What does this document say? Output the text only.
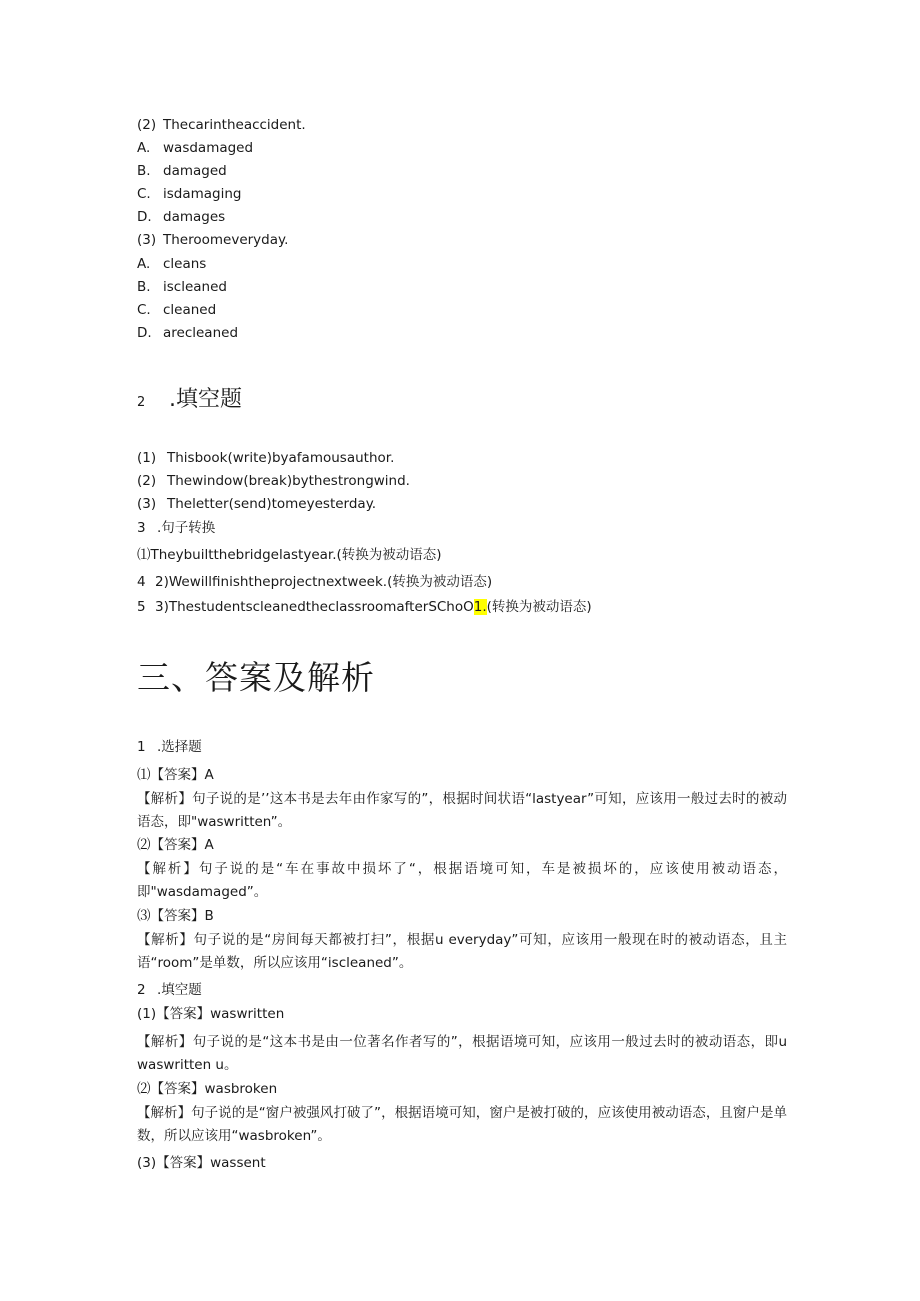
(2) Thecarintheaccident.
A. wasdamaged
B. damaged
C. isdamaging
D. damages
(3) Theroomeveryday.
A. cleans
B. iscleaned
C. cleaned
D. arecleaned
2 .填空题
(1) Thisbook(write)byafamousauthor.
(2) Thewindow(break)bythestrongwind.
(3) Theletter(send)tomeyesterday.
3 .句子转换
⑴Theybuiltthebridgelastyear.(转换为被动语态)
4 2)Wewillfinishtheprojectnextweek.(转换为被动语态)
5 3)ThestudentscleanedtheclassroomafterSChoO1.(转换为被动语态)
三、答案及解析
1 .选择题
⑴【答案】A
【解析】句子说的是’’这本书是去年由作家写的”，根据时间状语“lastyear”可知，应该用一般过去时的被动语态，即"waswritten”。
⑵【答案】A
【解析】句子说的是“车在事故中损坏了“，根据语境可知，车是被损坏的，应该使用被动语态，即"wasdamaged”。
⑶【答案】B
【解析】句子说的是“房间每天都被打扫”，根据u everyday”可知，应该用一般现在时的被动语态，且主语“room”是单数，所以应该用“iscleaned”。
2 .填空题
(1)【答案】waswritten
【解析】句子说的是“这本书是由一位著名作者写的”，根据语境可知，应该用一般过去时的被动语态，即u waswritten u。
⑵【答案】wasbroken
【解析】句子说的是“窗户被强风打破了”，根据语境可知，窗户是被打破的，应该使用被动语态，且窗户是单数，所以应该用“wasbroken”。
(3)【答案】wassent
